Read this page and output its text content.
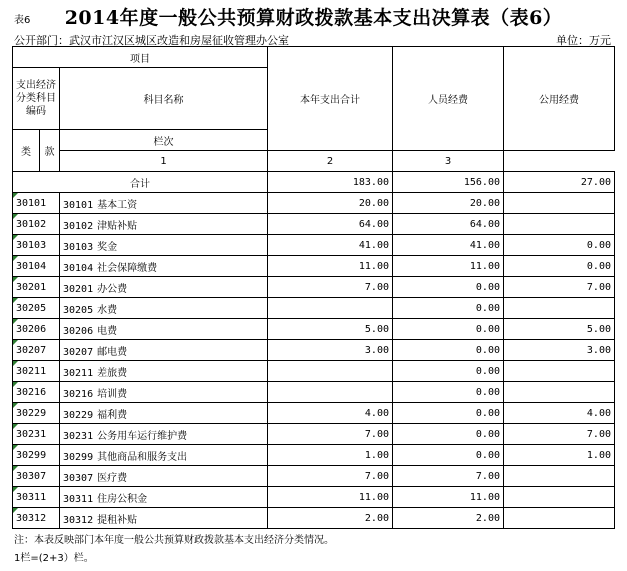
表6	2014年度一般公共预算财政拨款基本支出决算表（表6）
公开部门：武汉市江汉区城区改造和房屋征收管理办公室	单位：万元
项目			本年支出合计	人员经费	公用经费
支出经济分类科目编码		科目名称			
类	款	栏次			
		1	2	3	
合计			183.00	156.00	27.00
30101		30101 基本工资	20.00	20.00	
30102		30102 津贴补贴	64.00	64.00	
30103		30103 奖金	41.00	41.00	0.00
30104		30104 社会保障缴费	11.00	11.00	0.00
30201		30201 办公费	7.00	0.00	7.00
30205		30205 水费		0.00	
30206		30206 电费	5.00	0.00	5.00
30207		30207 邮电费	3.00	0.00	3.00
30211		30211 差旅费		0.00	
30216		30216 培训费		0.00	
30229		30229 福利费	4.00	0.00	4.00
30231		30231 公务用车运行维护费	7.00	0.00	7.00
30299		30299 其他商品和服务支出	1.00	0.00	1.00
30307		30307 医疗费	7.00	7.00	
30311		30311 住房公积金	11.00	11.00	
30312		30312 提租补贴	2.00	2.00	
注：本表反映部门本年度一般公共预算财政拨款基本支出经济分类情况。
1栏=(2+3）栏。
